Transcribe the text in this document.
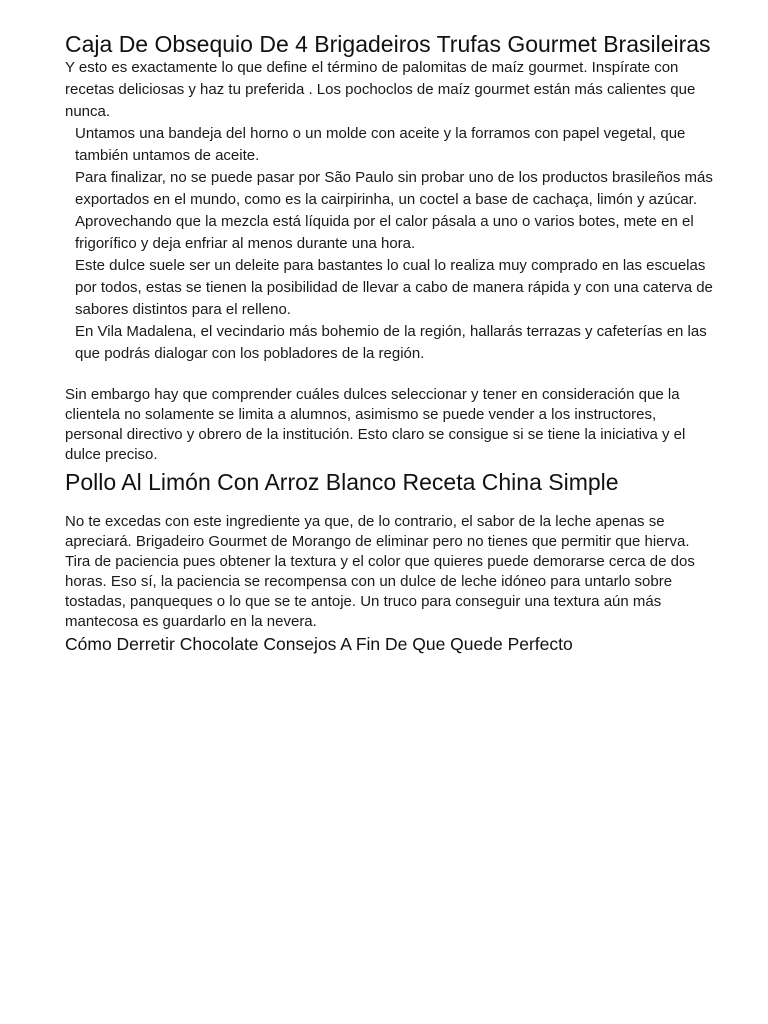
Caja De Obsequio De 4 Brigadeiros Trufas Gourmet Brasileiras

Y esto es exactamente lo que define el término de palomitas de maíz gourmet. Inspírate con recetas deliciosas y haz tu preferida . Los pochoclos de maíz gourmet están más calientes que nunca.

Untamos una bandeja del horno o un molde con aceite y la forramos con papel vegetal, que también untamos de aceite.

Para finalizar, no se puede pasar por São Paulo sin probar uno de los productos brasileños más exportados en el mundo, como es la cairpirinha, un coctel a base de cachaça, limón y azúcar.

Aprovechando que la mezcla está líquida por el calor pásala a uno o varios botes, mete en el frigorífico y deja enfriar al menos durante una hora.

Este dulce suele ser un deleite para bastantes lo cual lo realiza muy comprado en las escuelas por todos, estas se tienen la posibilidad de llevar a cabo de manera rápida y con una caterva de sabores distintos para el relleno.

En Vila Madalena, el vecindario más bohemio de la región, hallarás terrazas y cafeterías en las que podrás dialogar con los pobladores de la región.

Sin embargo hay que comprender cuáles dulces seleccionar y tener en consideración que la clientela no solamente se limita a alumnos, asimismo se puede vender a los instructores, personal directivo y obrero de la institución. Esto claro se consigue si se tiene la iniciativa y el dulce preciso.

Pollo Al Limón Con Arroz Blanco Receta China Simple

No te excedas con este ingrediente ya que, de lo contrario, el sabor de la leche apenas se apreciará. Brigadeiro Gourmet de Morango de eliminar pero no tienes que permitir que hierva. Tira de paciencia pues obtener la textura y el color que quieres puede demorarse cerca de dos horas. Eso sí, la paciencia se recompensa con un dulce de leche idóneo para untarlo sobre tostadas, panqueques o lo que se te antoje. Un truco para conseguir una textura aún más mantecosa es guardarlo en la nevera.

Cómo Derretir Chocolate Consejos A Fin De Que Quede Perfecto
